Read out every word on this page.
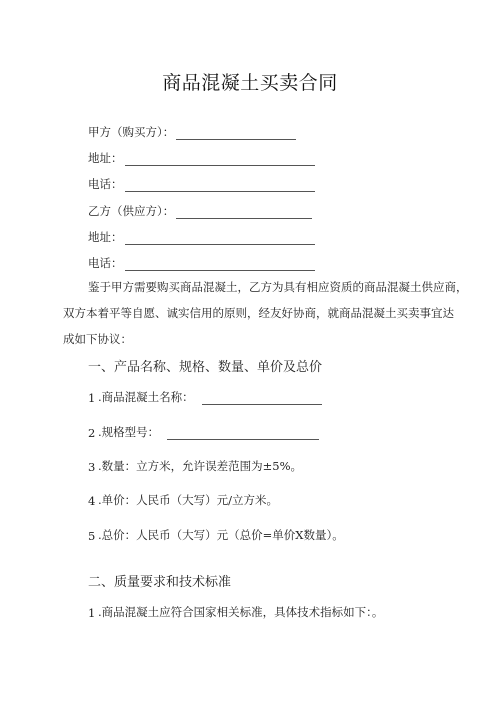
商品混凝土买卖合同
甲方（购买方）：
地址：
电话：
乙方（供应方）：
地址：
电话：
鉴于甲方需要购买商品混凝土，乙方为具有相应资质的商品混凝土供应商，
双方本着平等自愿、诚实信用的原则，经友好协商，就商品混凝土买卖事宜达
成如下协议：
一、产品名称、规格、数量、单价及总价
1 .商品混凝土名称：
2 .规格型号：
3 .数量：立方米，允许误差范围为±5%。
4 .单价：人民币（大写）元/立方米。
5 .总价：人民币（大写）元（总价=单价X数量）。
二、质量要求和技术标准
1 .商品混凝土应符合国家相关标准，具体技术指标如下：。
